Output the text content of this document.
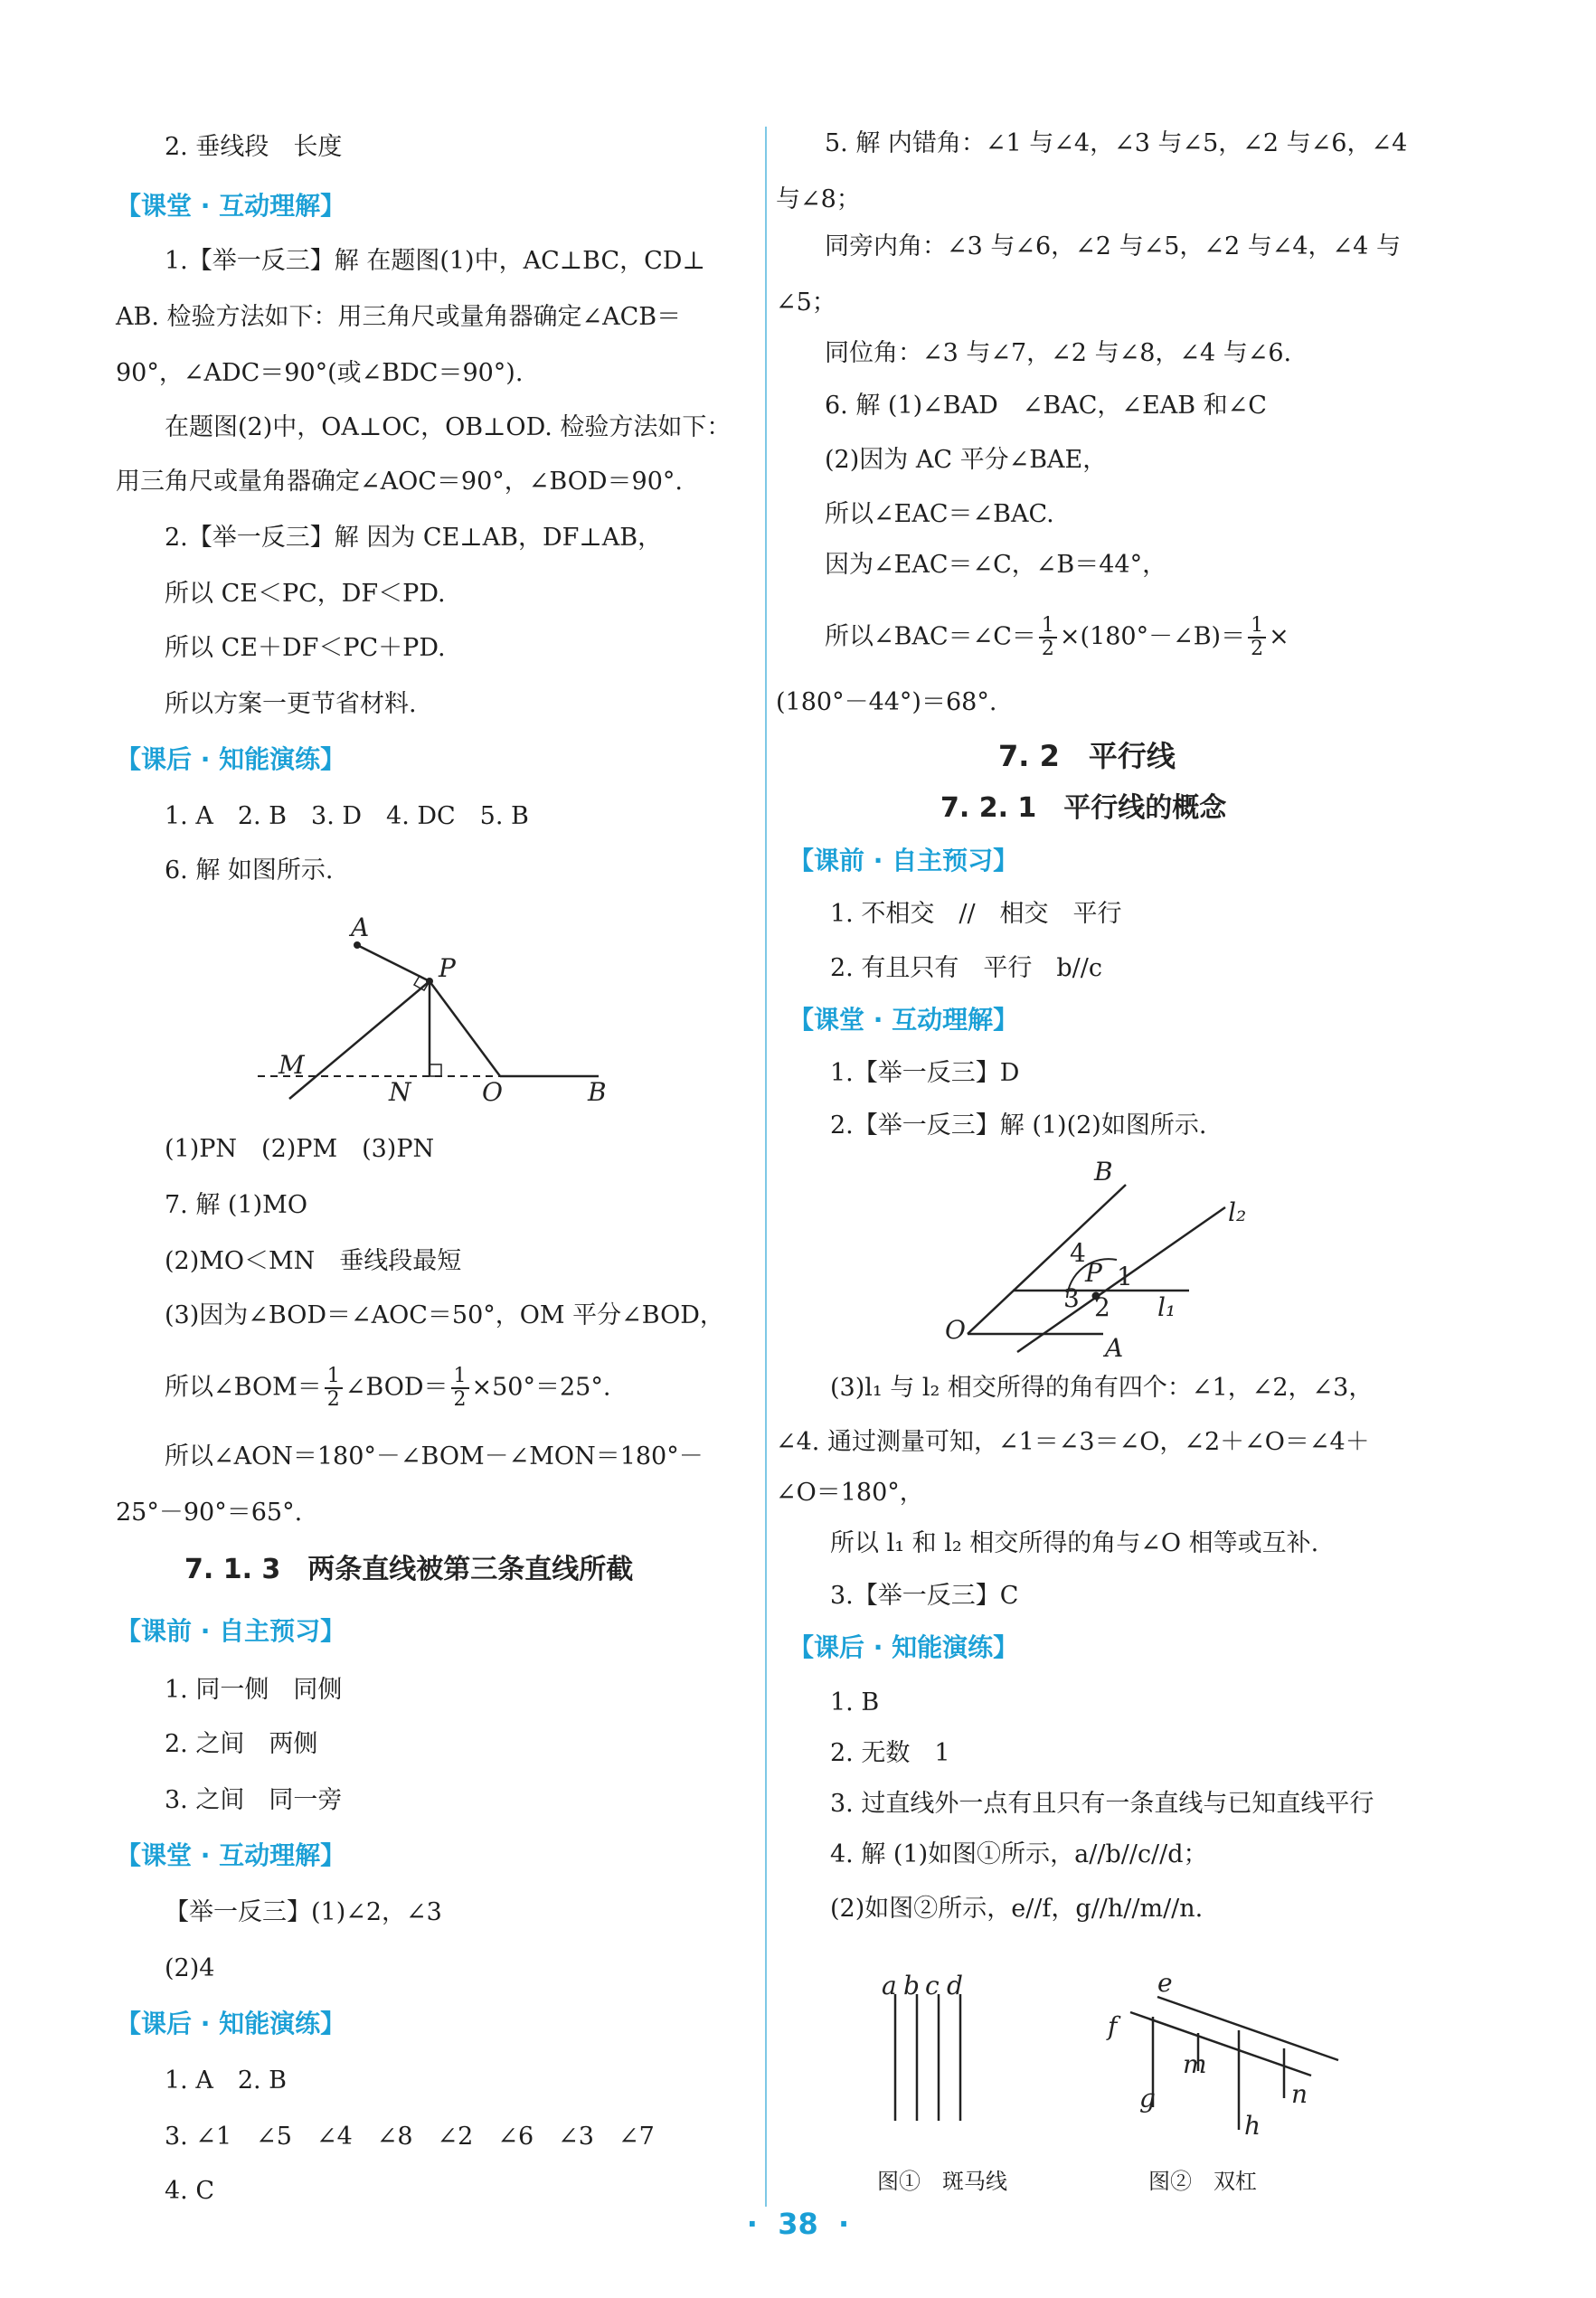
2. 垂线段　长度
【课堂 · 互动理解】
1.【举一反三】解 在题图(1)中，AC⊥BC，CD⊥
AB. 检验方法如下：用三角尺或量角器确定∠ACB＝
90°，∠ADC＝90°(或∠BDC＝90°).
在题图(2)中，OA⊥OC，OB⊥OD. 检验方法如下：
用三角尺或量角器确定∠AOC＝90°，∠BOD＝90°.
2.【举一反三】解 因为 CE⊥AB，DF⊥AB，
所以 CE＜PC，DF＜PD.
所以 CE＋DF＜PC＋PD.
所以方案一更节省材料.
【课后 · 知能演练】
1. A　2. B　3. D　4. DC　5. B
6. 解 如图所示.
A
P
M
N	O	B
(1)PN　(2)PM　(3)PN
7. 解 (1)MO
(2)MO＜MN　垂线段最短
(3)因为∠BOD＝∠AOC＝50°，OM 平分∠BOD，
所以∠BOM＝ $\frac{1}{2}$ ∠BOD＝ $\frac{1}{2} \times 50^\circ=25^\circ$.
所以∠AON＝180°－∠BOM－∠MON＝180°－
25°－90°＝65°.
7. 1. 3　两条直线被第三条直线所截
【课前 · 自主预习】
1. 同一侧　同侧
2. 之间　两侧
3. 之间　同一旁
【课堂 · 互动理解】
【举一反三】(1)∠2，∠3
(2)4
【课后 · 知能演练】
1. A　2. B
3. ∠1　∠5　∠4　∠8　∠2　∠6　∠3　∠7
4. C
5. 解 内错角：∠1 与∠4，∠3 与∠5，∠2 与∠6，∠4
与∠8；
同旁内角：∠3 与∠6，∠2 与∠5，∠2 与∠4，∠4 与
∠5；
同位角：∠3 与∠7，∠2 与∠8，∠4 与∠6.
6. 解 (1)∠BAD　∠BAC，∠EAB 和∠C
(2)因为 AC 平分∠BAE，
所以∠EAC＝∠BAC.
因为∠EAC＝∠C，∠B＝44°，
所以∠BAC＝∠C＝ $\frac{1}{2}$ ×(180°－∠B)＝ $\frac{1}{2}$ ×
(180°－44°)＝68°.
7. 2　平行线
7. 2. 1　平行线的概念
【课前 · 自主预习】
1. 不相交　//　相交　平行
2. 有且只有　平行　b//c
【课堂 · 互动理解】
1.【举一反三】D
2.【举一反三】解 (1)(2)如图所示.
B
l₂
4
P 1
3 2 l₁
O
A
(3)l₁ 与 l₂ 相交所得的角有四个：∠1，∠2，∠3，
∠4. 通过测量可知，∠1＝∠3＝∠O，∠2＋∠O＝∠4＋
∠O＝180°，
所以 l₁ 和 l₂ 相交所得的角与∠O 相等或互补.
3.【举一反三】C
【课后 · 知能演练】
1. B
2. 无数　1
3. 过直线外一点有且只有一条直线与已知直线平行
4. 解 (1)如图①所示，a//b//c//d；
(2)如图②所示，e//f，g//h//m//n.
a b c d
图①　斑马线
e
f
m
g	n
h
图②　双杠
·  38  ·
